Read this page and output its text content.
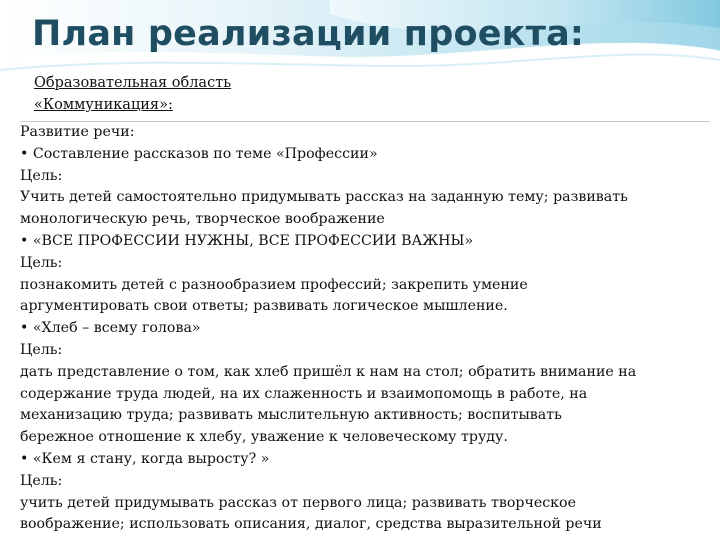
План реализации проекта:
Образовательная область
«Коммуникация»:
Развитие речи:
• Составление рассказов по теме «Профессии»
Цель:
Учить детей самостоятельно придумывать рассказ на заданную тему; развивать
монологическую речь, творческое воображение
• «ВСЕ ПРОФЕССИИ НУЖНЫ, ВСЕ ПРОФЕССИИ ВАЖНЫ»
Цель:
познакомить детей с разнообразием профессий; закрепить умение
аргументировать свои ответы; развивать логическое мышление.
• «Хлеб – всему голова»
Цель:
дать представление о том, как хлеб пришёл к нам на стол; обратить внимание на
содержание труда людей, на их слаженность и взаимопомощь в работе, на
механизацию труда; развивать мыслительную активность; воспитывать
бережное отношение к хлебу, уважение к человеческому труду.
• «Кем я стану, когда выросту? »
Цель:
учить детей придумывать рассказ от первого лица; развивать творческое
воображение; использовать описания, диалог, средства выразительной речи
